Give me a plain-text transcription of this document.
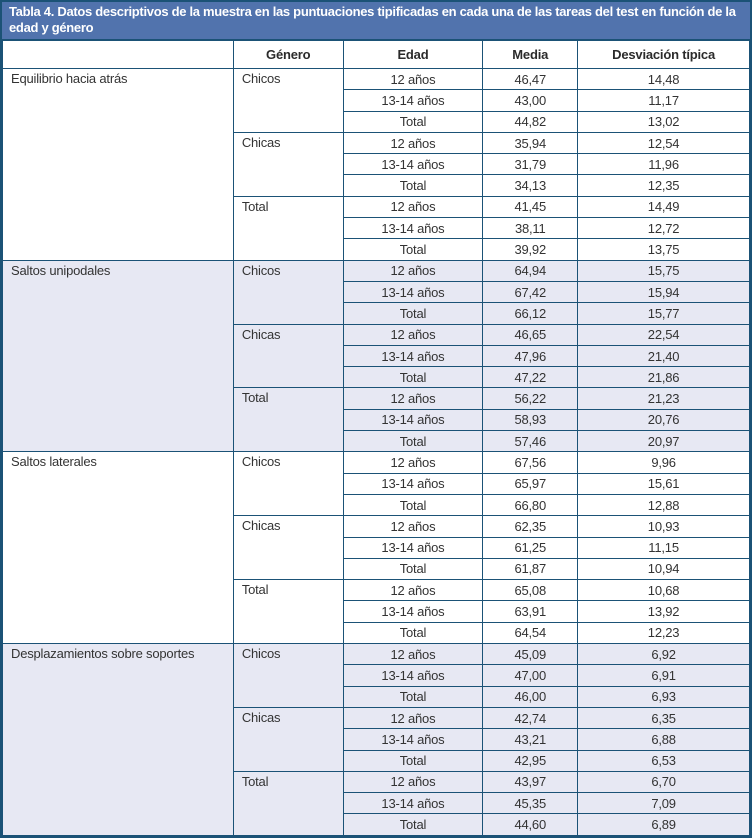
Tabla 4. Datos descriptivos de la muestra en las puntuaciones tipificadas en cada una de las tareas del test en función de la edad y género
	Género	Edad	Media	Desviación típica
Equilibrio hacia atrás	Chicos	12 años	46,47	14,48
		13-14 años	43,00	11,17
		Total	44,82	13,02
	Chicas	12 años	35,94	12,54
		13-14 años	31,79	11,96
		Total	34,13	12,35
	Total	12 años	41,45	14,49
		13-14 años	38,11	12,72
		Total	39,92	13,75
Saltos unipodales	Chicos	12 años	64,94	15,75
		13-14 años	67,42	15,94
		Total	66,12	15,77
	Chicas	12 años	46,65	22,54
		13-14 años	47,96	21,40
		Total	47,22	21,86
	Total	12 años	56,22	21,23
		13-14 años	58,93	20,76
		Total	57,46	20,97
Saltos laterales	Chicos	12 años	67,56	9,96
		13-14 años	65,97	15,61
		Total	66,80	12,88
	Chicas	12 años	62,35	10,93
		13-14 años	61,25	11,15
		Total	61,87	10,94
	Total	12 años	65,08	10,68
		13-14 años	63,91	13,92
		Total	64,54	12,23
Desplazamientos sobre soportes	Chicos	12 años	45,09	6,92
		13-14 años	47,00	6,91
		Total	46,00	6,93
	Chicas	12 años	42,74	6,35
		13-14 años	43,21	6,88
		Total	42,95	6,53
	Total	12 años	43,97	6,70
		13-14 años	45,35	7,09
		Total	44,60	6,89
